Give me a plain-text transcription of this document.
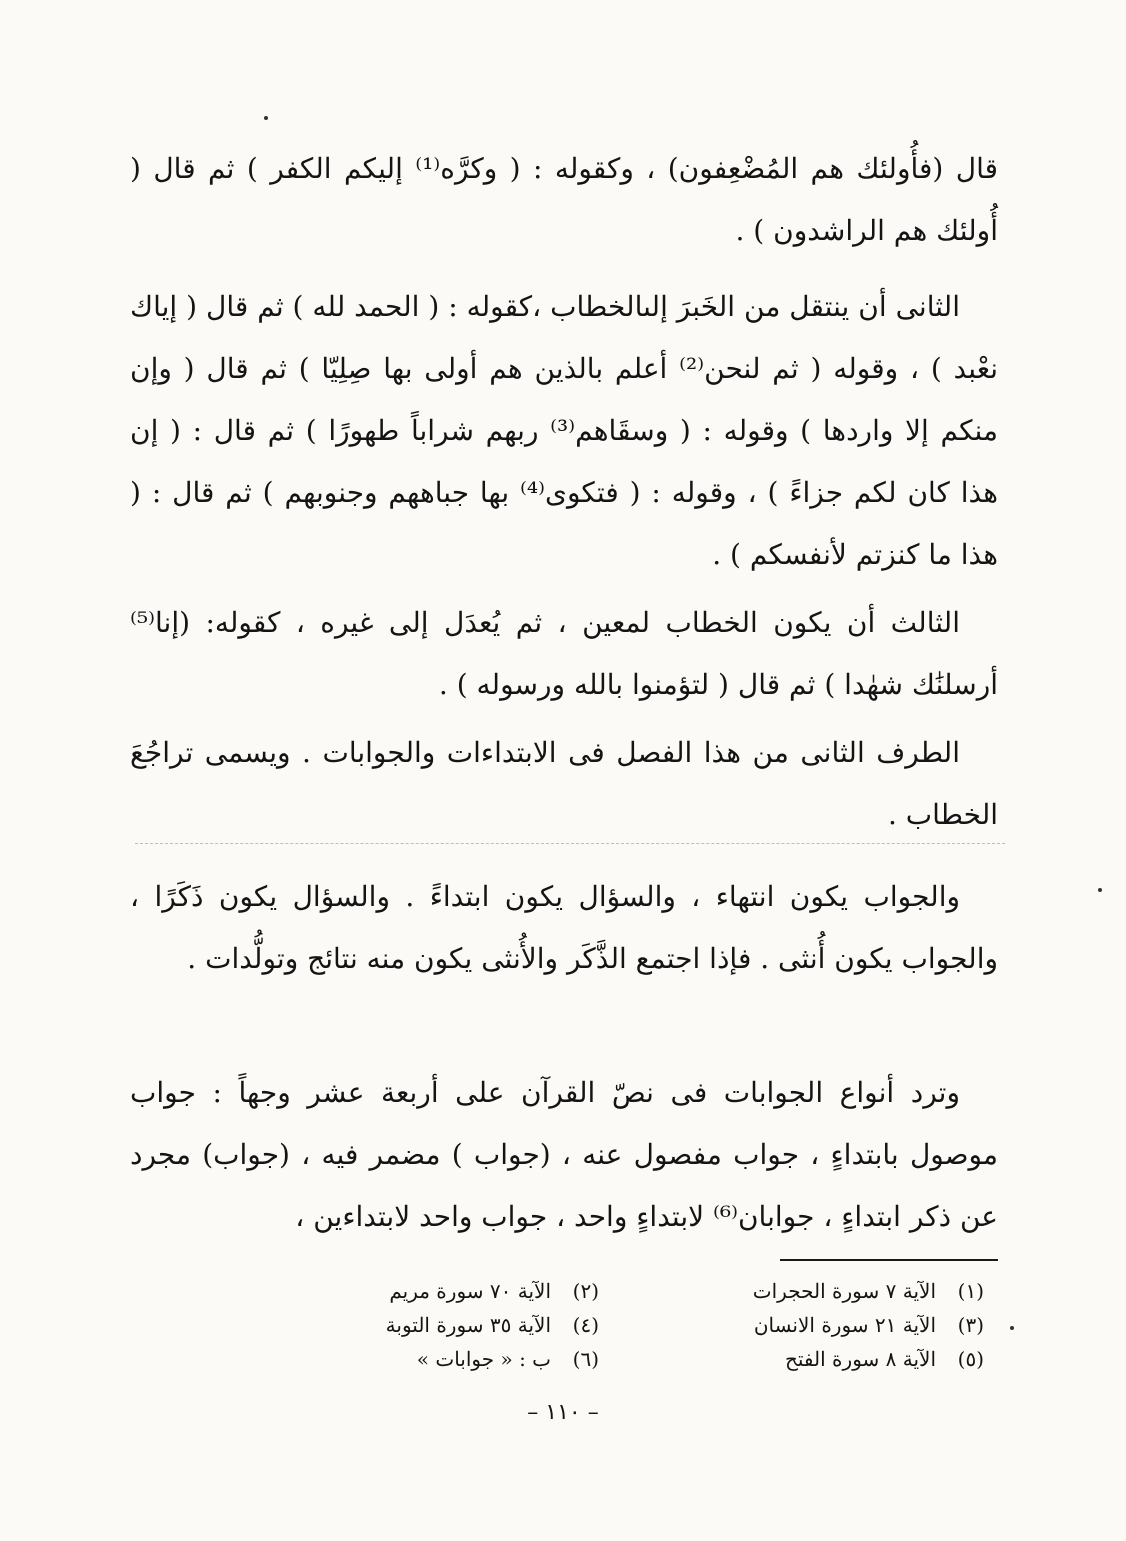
قال (فأُولئك هم المُضْعِفون) ، وكقوله : ( وكرَّه⁽¹⁾ إليكم الكفر ) ثم قال ( أُولئك هم الراشدون ) .

الثانى أن ينتقل من الخَبرَ إلىالخطاب ،كقوله : ( الحمد لله ) ثم قال ( إياك نعْبد ) ، وقوله ( ثم لنحن⁽²⁾ أعلم بالذين هم أولى بها صِلِيّا ) ثم قال ( وإن منكم إلا واردها ) وقوله : ( وسقَاهم⁽³⁾ ربهم شراباً طهورًا ) ثم قال : ( إن هذا كان لكم جزاءً ) ، وقوله : ( فتكوى⁽⁴⁾ بها جباههم وجنوبهم ) ثم قال : ( هذا ما كنزتم لأنفسكم ) .

الثالث أن يكون الخطاب لمعين ، ثم يُعدَل إلى غيره ، كقوله: (إنا⁽⁵⁾ أرسلنَٰك شهٰدا ) ثم قال ( لتؤمنوا بالله ورسوله ) .

الطرف الثانى من هذا الفصل فى الابتداءات والجوابات . ويسمى تراجُعَ الخطاب .

والجواب يكون انتهاء ، والسؤال يكون ابتداءً . والسؤال يكون ذَكَرًا ، والجواب يكون أُنثى . فإذا اجتمع الذَّكَر والأُنثى يكون منه نتائج وتولُّدات .

وترد أنواع الجوابات فى نصّ القرآن على أربعة عشر وجهاً : جواب موصول بابتداءٍ ، جواب مفصول عنه ، (جواب ) مضمر فيه ، (جواب) مجرد عن ذكر ابتداءٍ ، جوابان⁽⁶⁾ لابتداءٍ واحد ، جواب واحد لابتداءين ،

(١)
الآية ٧ سورة الحجرات
(٢)
الآية ٧٠ سورة مريم
(٣)
الآية ٢١ سورة الانسان
(٤)
الآية ٣٥ سورة التوبة
(٥)
الآية ٨ سورة الفتح
(٦)
ب : « جوابات »
– ١١٠ –
